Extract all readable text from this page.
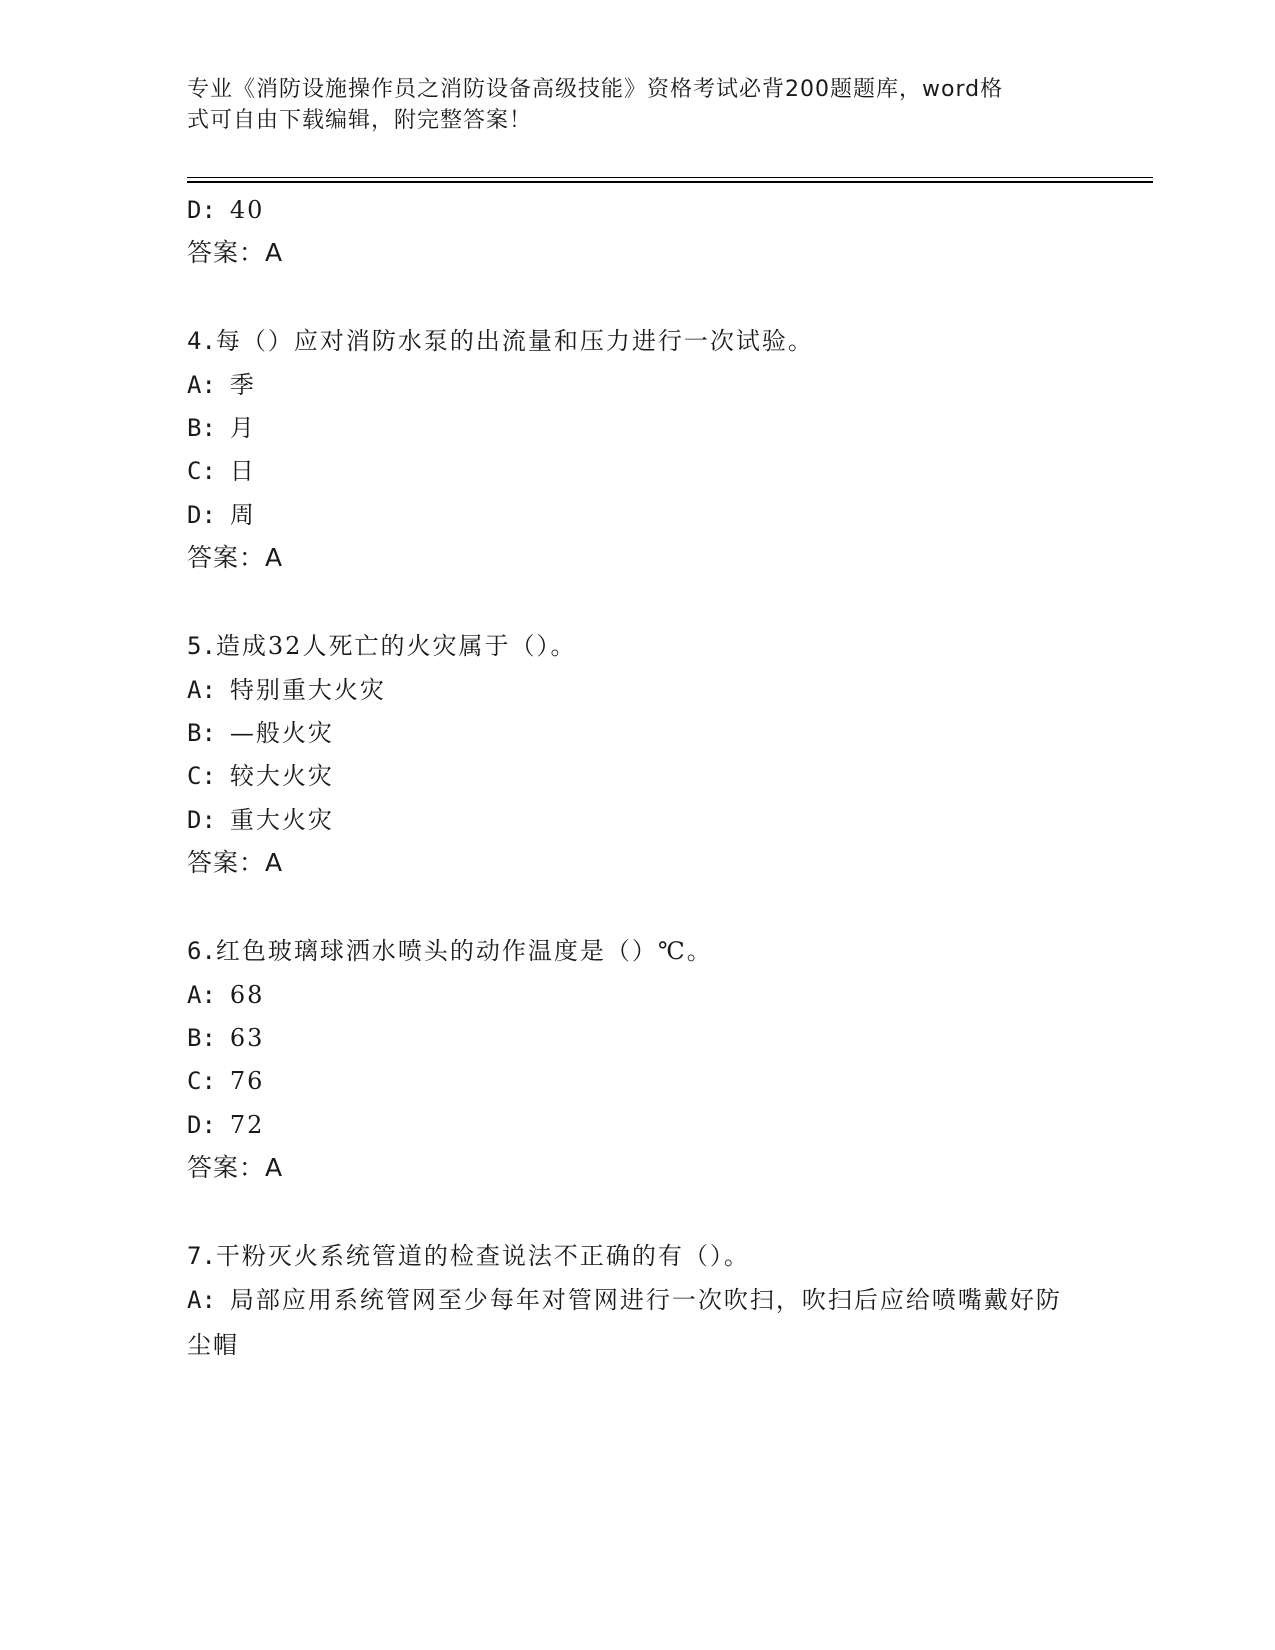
专业《消防设施操作员之消防设备高级技能》资格考试必背200题题库，word格
式可自由下载编辑，附完整答案！
D: 40
答案：A
4.每（）应对消防水泵的出流量和压力进行一次试验。
A: 季
B: 月
C: 日
D: 周
答案：A
5.造成32人死亡的火灾属于（）。
A: 特别重大火灾
B: —般火灾
C: 较大火灾
D: 重大火灾
答案：A
6.红色玻璃球洒水喷头的动作温度是（）℃。
A: 68
B: 63
C: 76
D: 72
答案：A
7.干粉灭火系统管道的检查说法不正确的有（）。
A: 局部应用系统管网至少每年对管网进行一次吹扫，吹扫后应给喷嘴戴好防尘帽
